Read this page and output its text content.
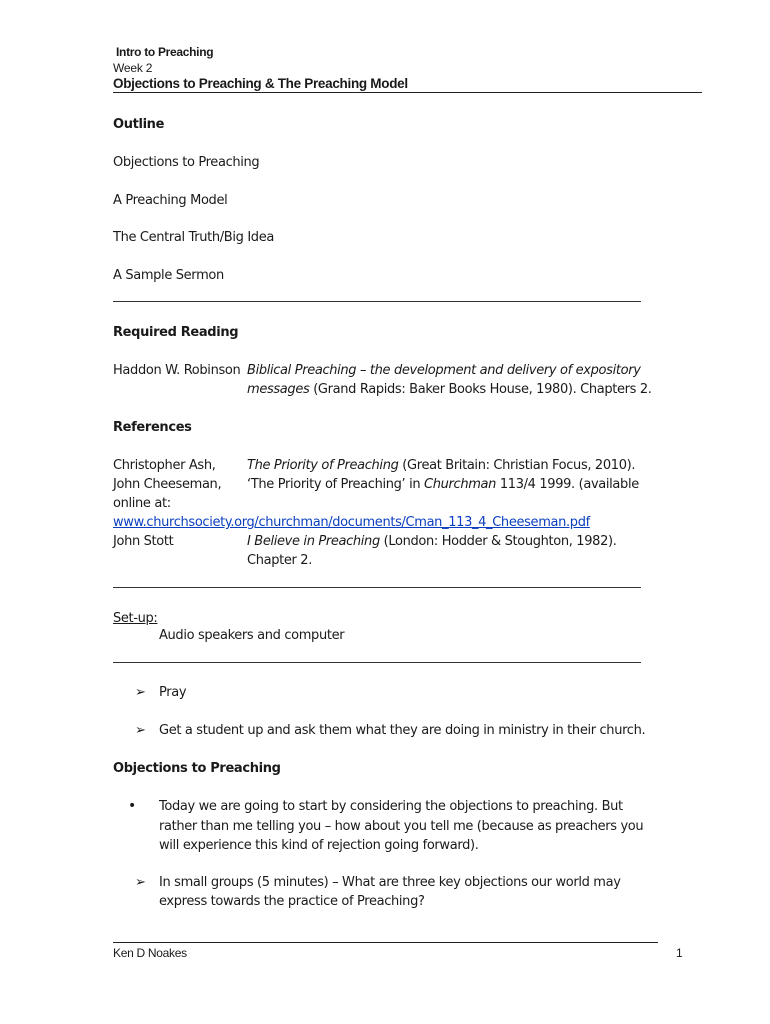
Intro to Preaching
Week 2
Objections to Preaching & The Preaching Model
Outline
Objections to Preaching
A Preaching Model
The Central Truth/Big Idea
A Sample Sermon
Required Reading
Haddon W. Robinson Biblical Preaching – the development and delivery of expository
messages (Grand Rapids: Baker Books House, 1980). Chapters 2.
References
Christopher Ash, The Priority of Preaching (Great Britain: Christian Focus, 2010).
John Cheeseman, ‘The Priority of Preaching’ in Churchman 113/4 1999. (available
online at:
www.churchsociety.org/churchman/documents/Cman_113_4_Cheeseman.pdf
John Stott	I Believe in Preaching (London: Hodder & Stoughton, 1982).
Chapter 2.
Set-up:
Audio speakers and computer
➢ Pray
➢ Get a student up and ask them what they are doing in ministry in their church.
Objections to Preaching
• Today we are going to start by considering the objections to preaching. But
rather than me telling you – how about you tell me (because as preachers you
will experience this kind of rejection going forward).
➢ In small groups (5 minutes) – What are three key objections our world may
express towards the practice of Preaching?
Ken D Noakes	1
